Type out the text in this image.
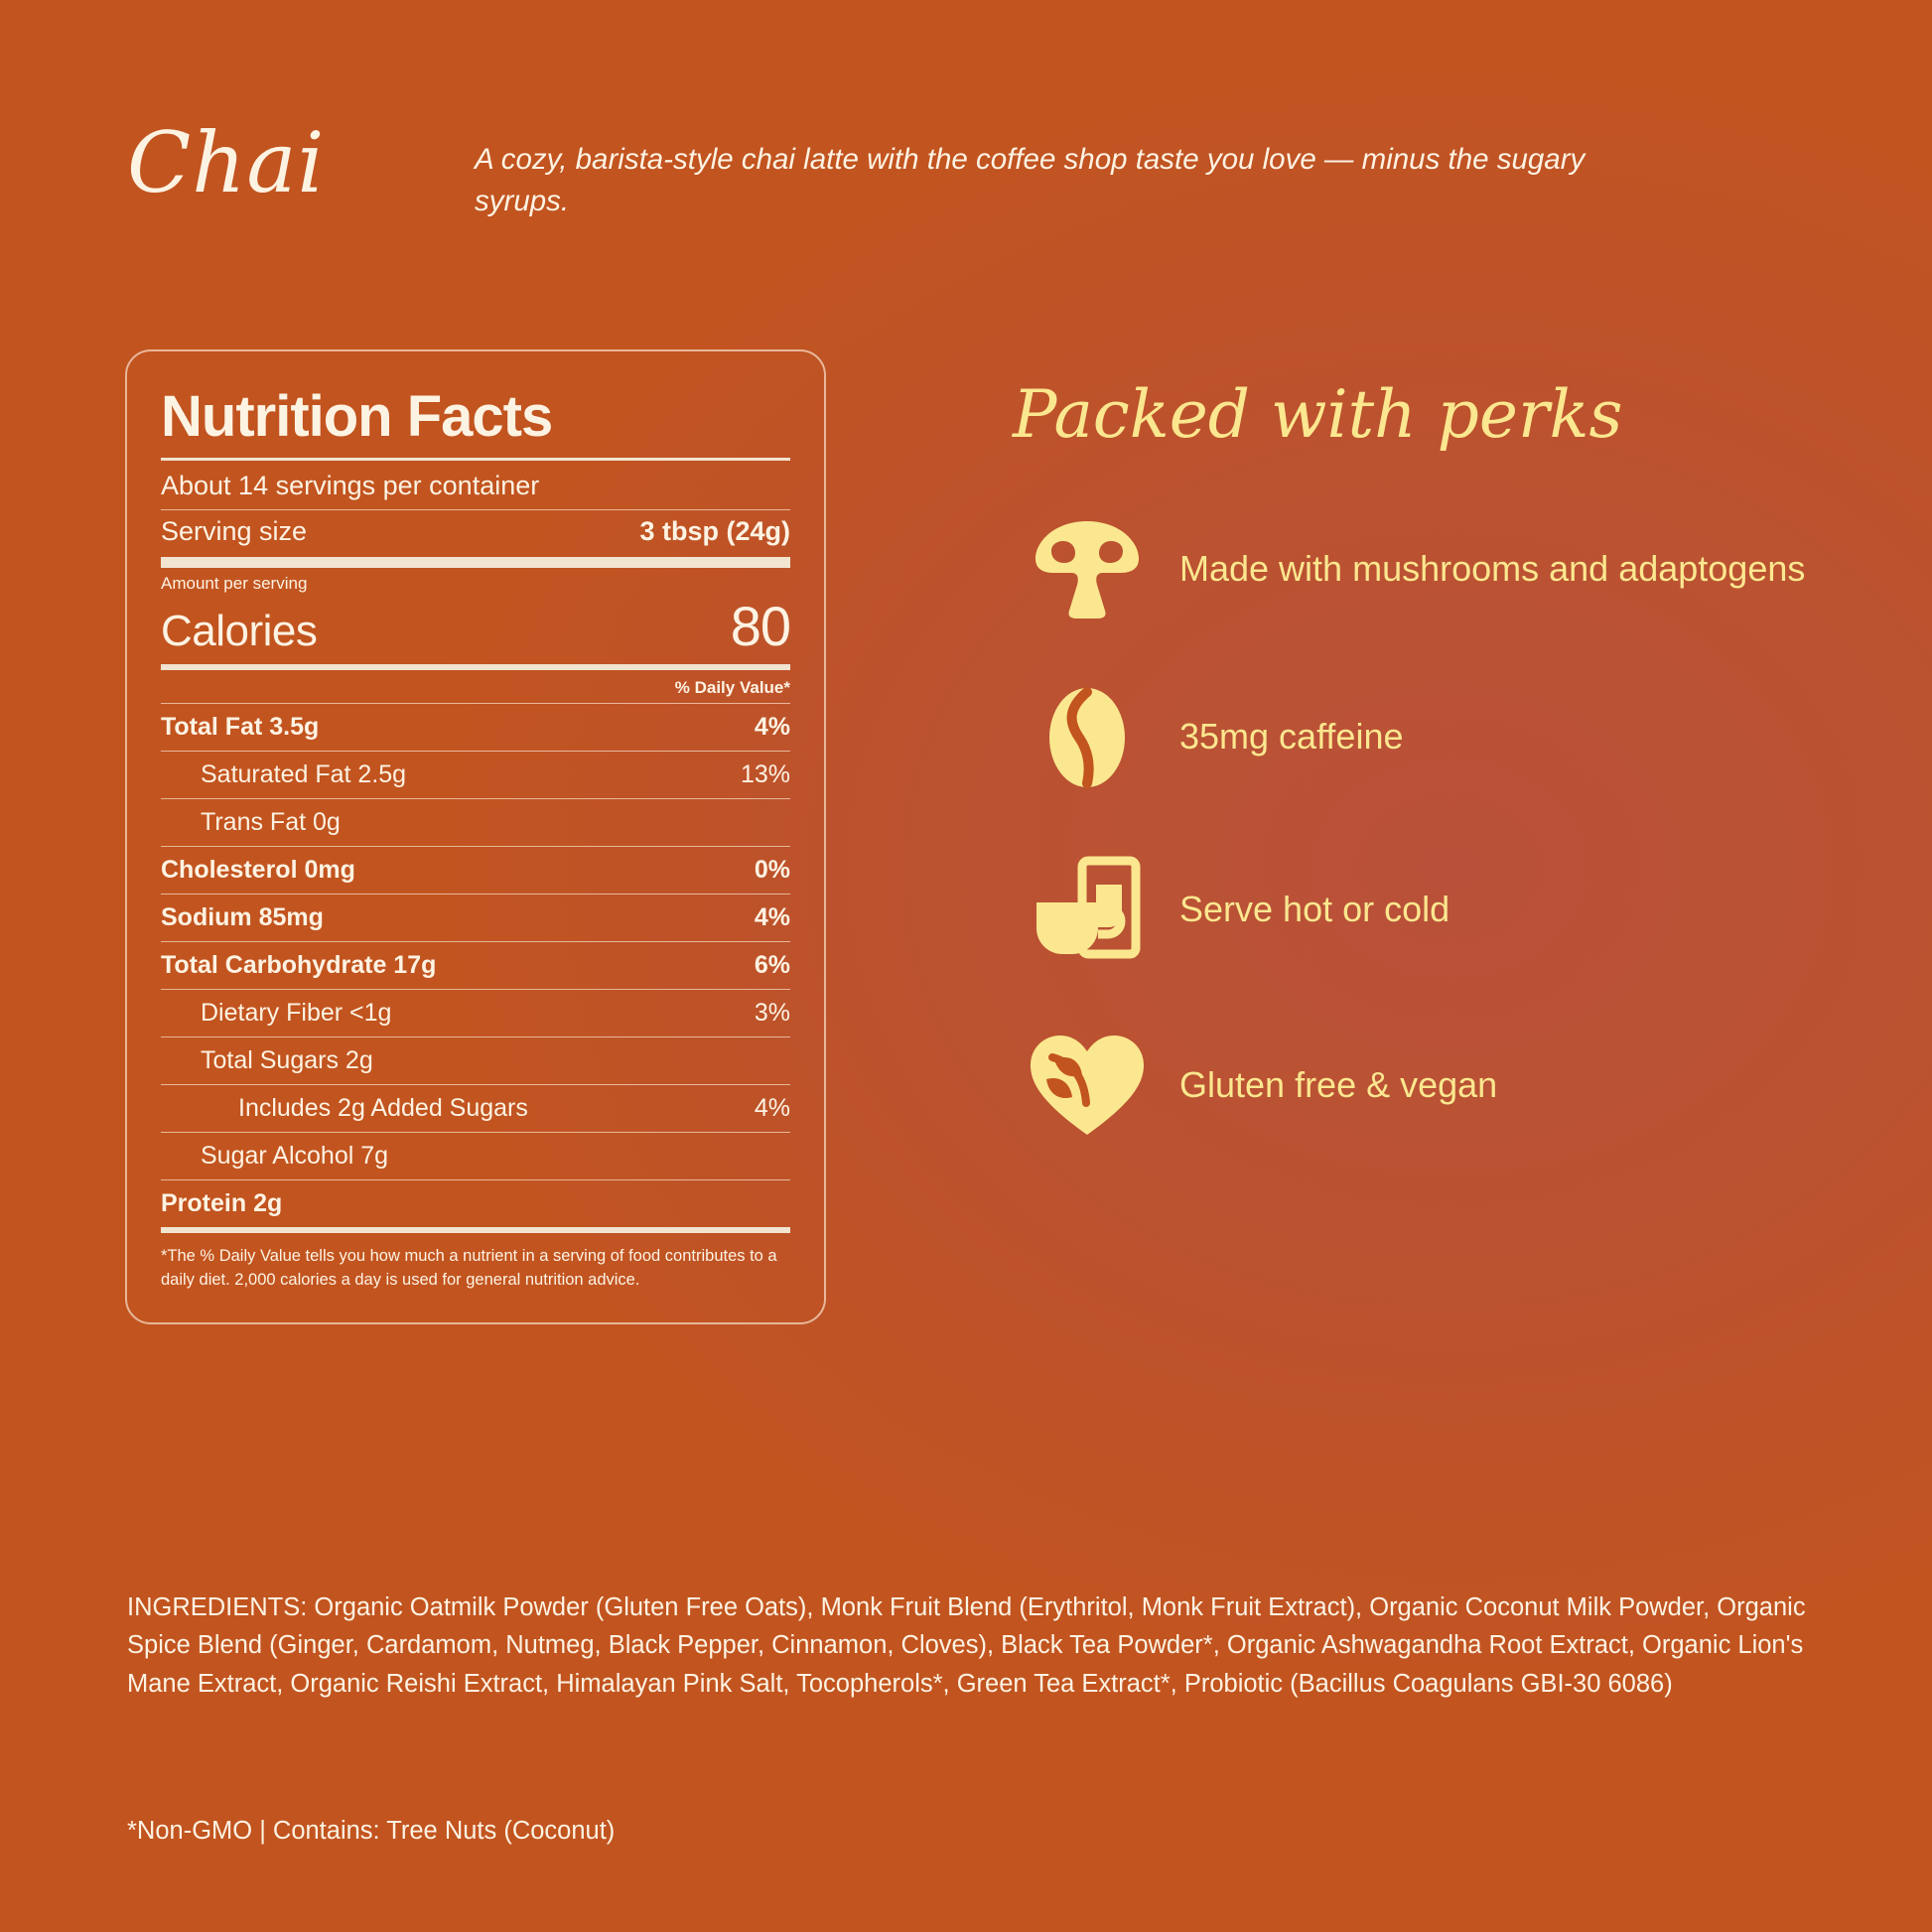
Chai	A cozy, barista-style chai latte with the coffee shop taste you love — minus the sugary syrups.
Nutrition Facts
About 14 servings per container
Serving size	3 tbsp (24g)
Amount per serving
Calories	80
% Daily Value*
Total Fat 3.5g	4%
Saturated Fat 2.5g	13%
Trans Fat 0g
Cholesterol 0mg	0%
Sodium 85mg	4%
Total Carbohydrate 17g	6%
Dietary Fiber <1g	3%
Total Sugars 2g
Includes 2g Added Sugars	4%
Sugar Alcohol 7g
Protein 2g
*The % Daily Value tells you how much a nutrient in a serving of food contributes to a daily diet. 2,000 calories a day is used for general nutrition advice.
Packed with perks
Made with mushrooms and adaptogens
35mg caffeine
Serve hot or cold
Gluten free & vegan
INGREDIENTS: Organic Oatmilk Powder (Gluten Free Oats), Monk Fruit Blend (Erythritol, Monk Fruit Extract), Organic Coconut Milk Powder, Organic Spice Blend (Ginger, Cardamom, Nutmeg, Black Pepper, Cinnamon, Cloves), Black Tea Powder*, Organic Ashwagandha Root Extract, Organic Lion's Mane Extract, Organic Reishi Extract, Himalayan Pink Salt, Tocopherols*, Green Tea Extract*, Probiotic (Bacillus Coagulans GBI-30 6086)
*Non-GMO | Contains: Tree Nuts (Coconut)
